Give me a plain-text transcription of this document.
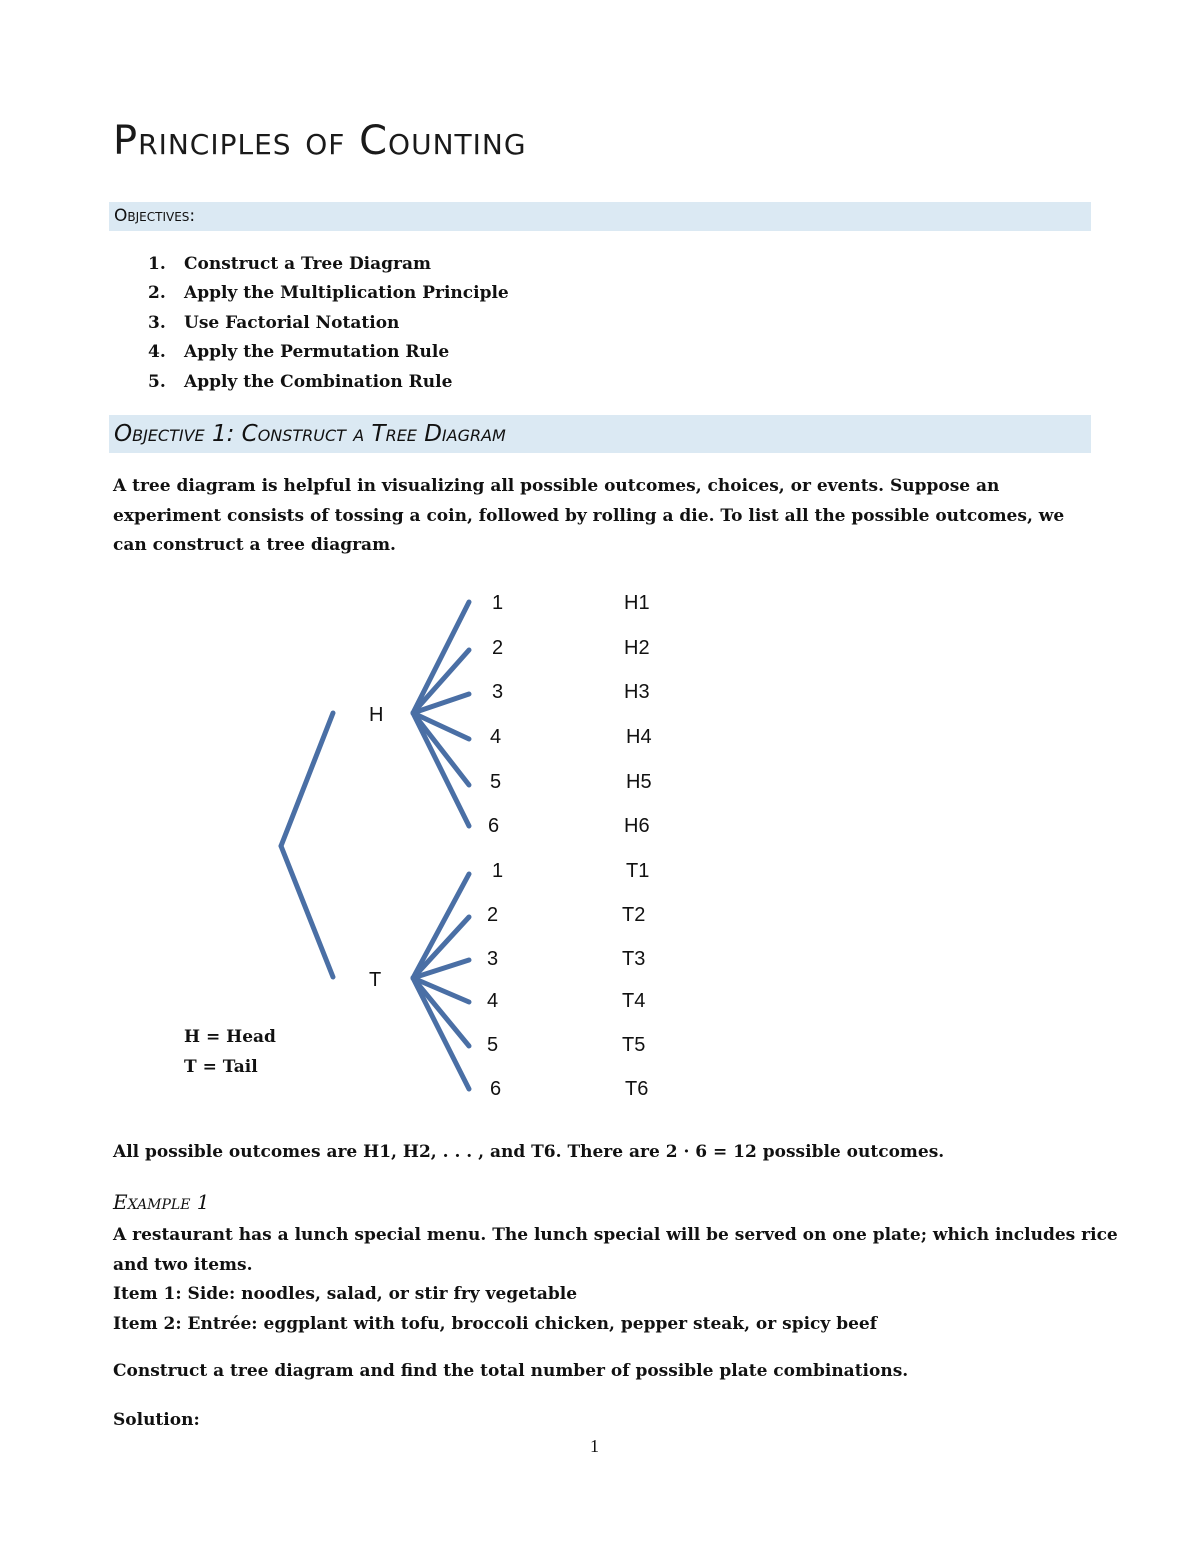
Principles of Counting
Objectives:
1. Construct a Tree Diagram
2. Apply the Multiplication Principle
3. Use Factorial Notation
4. Apply the Permutation Rule
5. Apply the Combination Rule
Objective 1: Construct a Tree Diagram

A tree diagram is helpful in visualizing all possible outcomes, choices, or events. Suppose an experiment consists of tossing a coin, followed by rolling a die. To list all the possible outcomes, we can construct a tree diagram.

H
T
1
2
3
4
5
6
1
2
3
4
5
6
H1
H2
H3
H4
H5
H6
T1
T2
T3
T4
T5
T6
H = Head
T = Tail

All possible outcomes are H1, H2, . . . , and T6. There are 2 · 6 = 12 possible outcomes.

Example 1

A restaurant has a lunch special menu. The lunch special will be served on one plate; which includes rice
and two items.
Item 1: Side: noodles, salad, or stir fry vegetable
Item 2: Entrée: eggplant with tofu, broccoli chicken, pepper steak, or spicy beef

Construct a tree diagram and find the total number of possible plate combinations.

Solution:

1
